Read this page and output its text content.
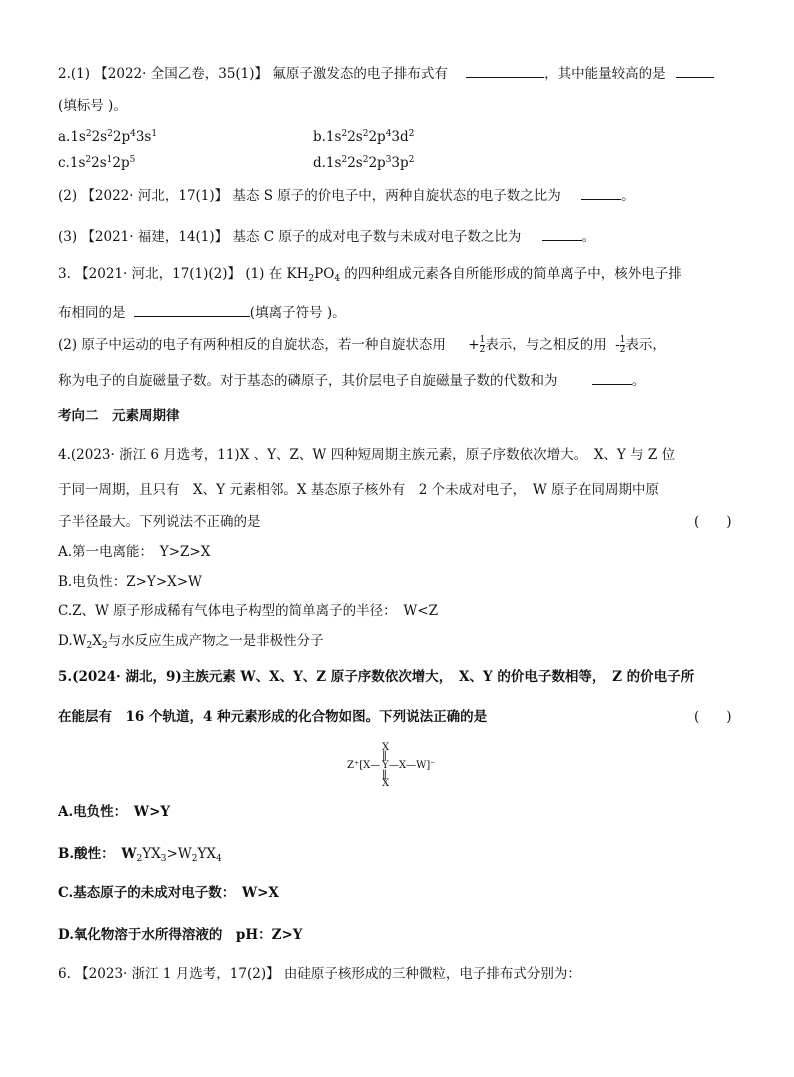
2.(1) 【2022· 全国乙卷，35(1)】 氟原子激发态的电子排布式有	，其中能量较高的是
(填标号 )。
$a.1s^22s^22p^43s^1$	$b.1s^22s^22p^43d^2$
$c.1s^22s^12p^5$	$d.1s^22s^22p^33p^2$
(2) 【2022· 河北，17(1)】 基态 S 原子的价电子中，两种自旋状态的电子数之比为	。
(3) 【2021· 福建，14(1)】 基态 C 原子的成对电子数与未成对电子数之比为	。
3. 【2021· 河北，17(1)(2)】 (1) 在 $KH_2PO_4$ 的四种组成元素各自所能形成的简单离子中，核外电子排
布相同的是	(填离子符号 )。
(2) 原子中运动的电子有两种相反的自旋状态，若一种自旋状态用 + $\frac{1}{2}$ 表示，与之相反的用 - $\frac{1}{2}$ 表示，
称为电子的自旋磁量子数。对于基态的磷原子，其价层电子自旋磁量子数的代数和为	。
考向二　元素周期律
4.(2023· 浙江 6 月选考，11)X 、Y、Z、W 四种短周期主族元素，原子序数依次增大。　X、Y 与 Z 位
于同一周期，且只有　X、Y 元素相邻。X 基态原子核外有　2 个未成对电子，　W 原子在同周期中原
子半径最大。下列说法不正确的是	(　　)
A.第一电离能：　Y>Z>X
B.电负性：Z>Y>X>W
C.Z、W 原子形成稀有气体电子构型的简单离子的半径：　W<Z
$D.W_2X_2$与水反应生成产物之一是非极性分子
5.(2024· 湖北，9)主族元素 W、X、Y、Z 原子序数依次增大，　X、Y 的价电子数相等，　Z 的价电子所
在能层有　16 个轨道，4 种元素形成的化合物如图。下列说法正确的是	(　　)
X
‖
Z⁺[X— Y —X—W]⁻
‖
X
A.电负性：　W>Y
B.酸性：　$W_2YX_3>W_2YX_4$
C.基态原子的未成对电子数：　W>X
D.氧化物溶于水所得溶液的　pH：Z>Y
6. 【2023· 浙江 1 月选考，17(2)】 由硅原子核形成的三种微粒，电子排布式分别为：
